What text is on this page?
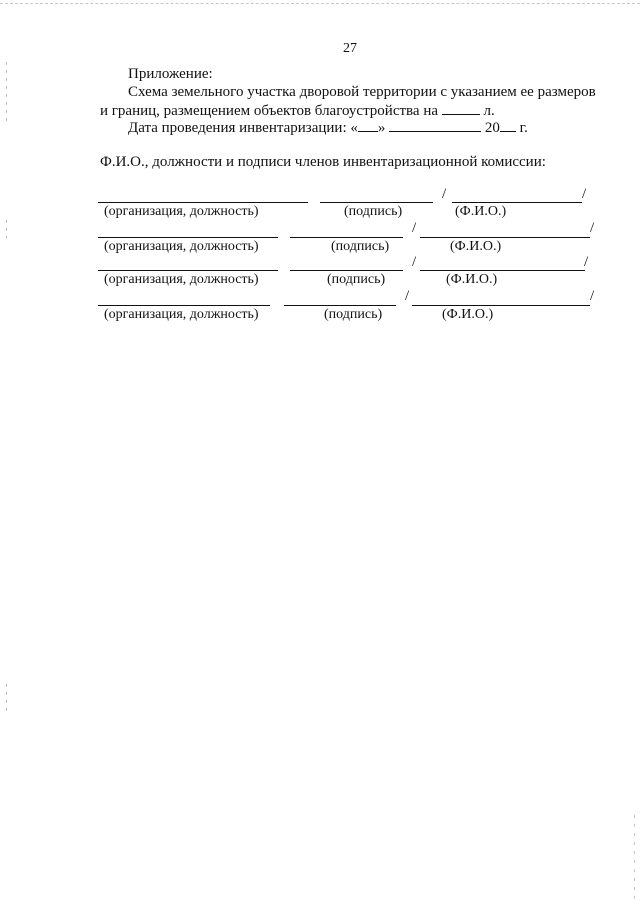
27
Приложение:
Схема земельного участка дворовой территории с указанием ее размеров
и границ, размещением объектов благоустройства на	л.
Дата проведения инвентаризации: « »	20 г.
Ф.И.О., должности и подписи членов инвентаризационной комиссии:
/	/
(организация, должность)	(подпись)	(Ф.И.О.)
/	/
(организация, должность)	(подпись)	(Ф.И.О.)
/	/
(организация, должность)	(подпись)	(Ф.И.О.)
/	/
(организация, должность)	(подпись)	(Ф.И.О.)
